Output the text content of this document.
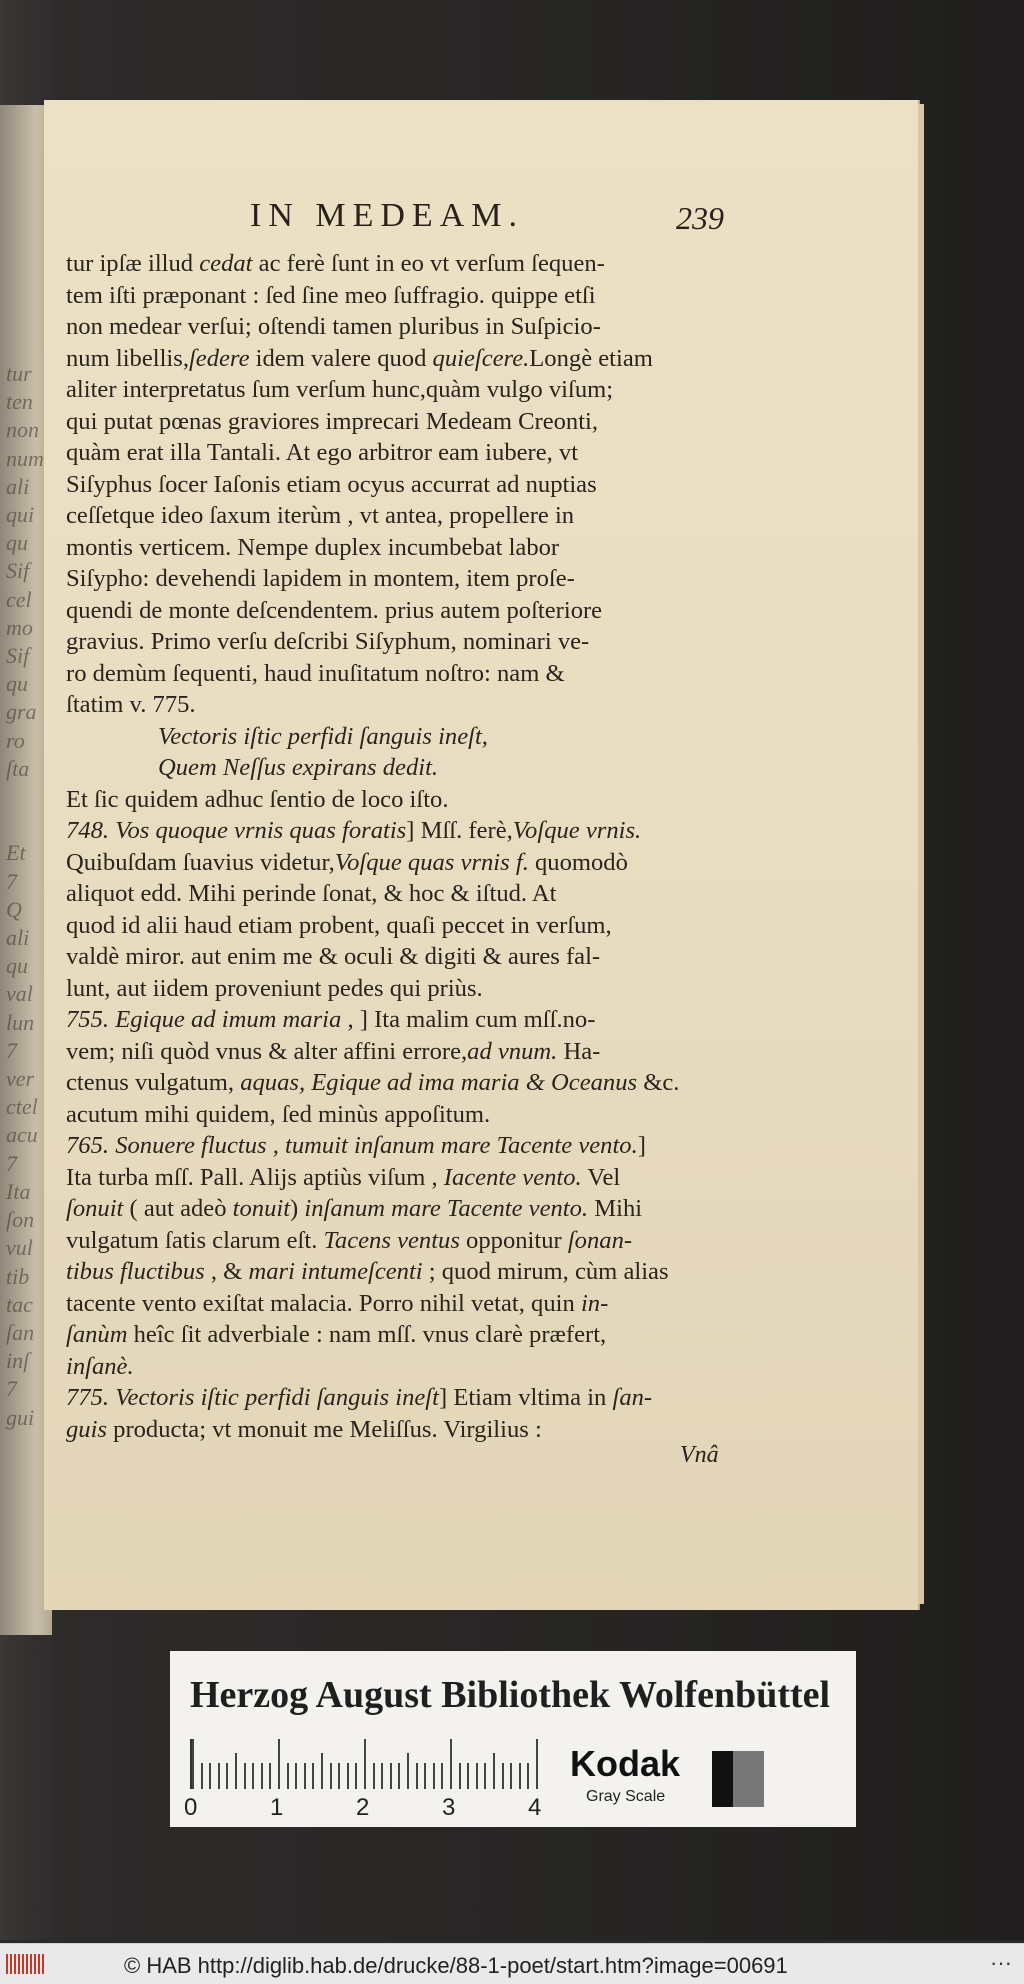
tur
ten
non
num
ali
qui
qu
Sif
cel
mo
Sif
qu
gra
ro
ſta

Et
7
Q
ali
qu
val
lun
7
ver
ctel
acu
7
Ita
ſon
vul
tib
tac
ſan
inſ
7
gui
IN MEDEAM.	239
tur ipſæ illud cedat ac ferè ſunt in eo vt verſum ſequen-
tem iſti præponant : ſed ſine meo ſuffragio. quippe etſi
non medear verſui; oſtendi tamen pluribus in Suſpicio-
num libellis,ſedere idem valere quod quieſcere.Longè etiam
aliter interpretatus ſum verſum hunc,quàm vulgo viſum;
qui putat pœnas graviores imprecari Medeam Creonti,
quàm erat illa Tantali. At ego arbitror eam iubere, vt
Siſyphus ſocer Iaſonis etiam ocyus accurrat ad nuptias
ceſſetque ideo ſaxum iterùm , vt antea, propellere in
montis verticem. Nempe duplex incumbebat labor
Siſypho: devehendi lapidem in montem, item proſe-
quendi de monte deſcendentem. prius autem poſteriore
gravius. Primo verſu deſcribi Siſyphum, nominari ve-
ro demùm ſequenti, haud inuſitatum noſtro: nam &
ſtatim v. 775.
Vectoris iſtic perfidi ſanguis ineſt,
Quem Neſſus expirans dedit.
Et ſic quidem adhuc ſentio de loco iſto.
748. Vos quoque vrnis quas foratis] Mſſ. ferè,Voſque vrnis.
Quibuſdam ſuavius videtur,Voſque quas vrnis f. quomodò
aliquot edd. Mihi perinde ſonat, & hoc & iſtud. At
quod id alii haud etiam probent, quaſi peccet in verſum,
valdè miror. aut enim me & oculi & digiti & aures fal-
lunt, aut iidem proveniunt pedes qui priùs.
755. Egique ad imum maria , ] Ita malim cum mſſ.no-
vem; niſi quòd vnus & alter affini errore,ad vnum. Ha-
ctenus vulgatum, aquas, Egique ad ima maria & Oceanus &c.
acutum mihi quidem, ſed minùs appoſitum.
765. Sonuere fluctus , tumuit inſanum mare Tacente vento.]
Ita turba mſſ. Pall. Alijs aptiùs viſum , Iacente vento. Vel
ſonuit ( aut adeò tonuit) inſanum mare Tacente vento. Mihi
vulgatum ſatis clarum eſt. Tacens ventus opponitur ſonan-
tibus fluctibus , & mari intumeſcenti ; quod mirum, cùm alias
tacente vento exiſtat malacia. Porro nihil vetat, quin in-
ſanùm heîc ſit adverbiale : nam mſſ. vnus clarè præfert,
inſanè.
775. Vectoris iſtic perfidi ſanguis ineſt] Etiam vltima in ſan-
guis producta; vt monuit me Meliſſus. Virgilius :
Vnâ
Herzog August Bibliothek Wolfenbüttel
0	1	2	3	4
Kodak
Gray Scale
© HAB http://diglib.hab.de/drucke/88-1-poet/start.htm?image=00691	···
